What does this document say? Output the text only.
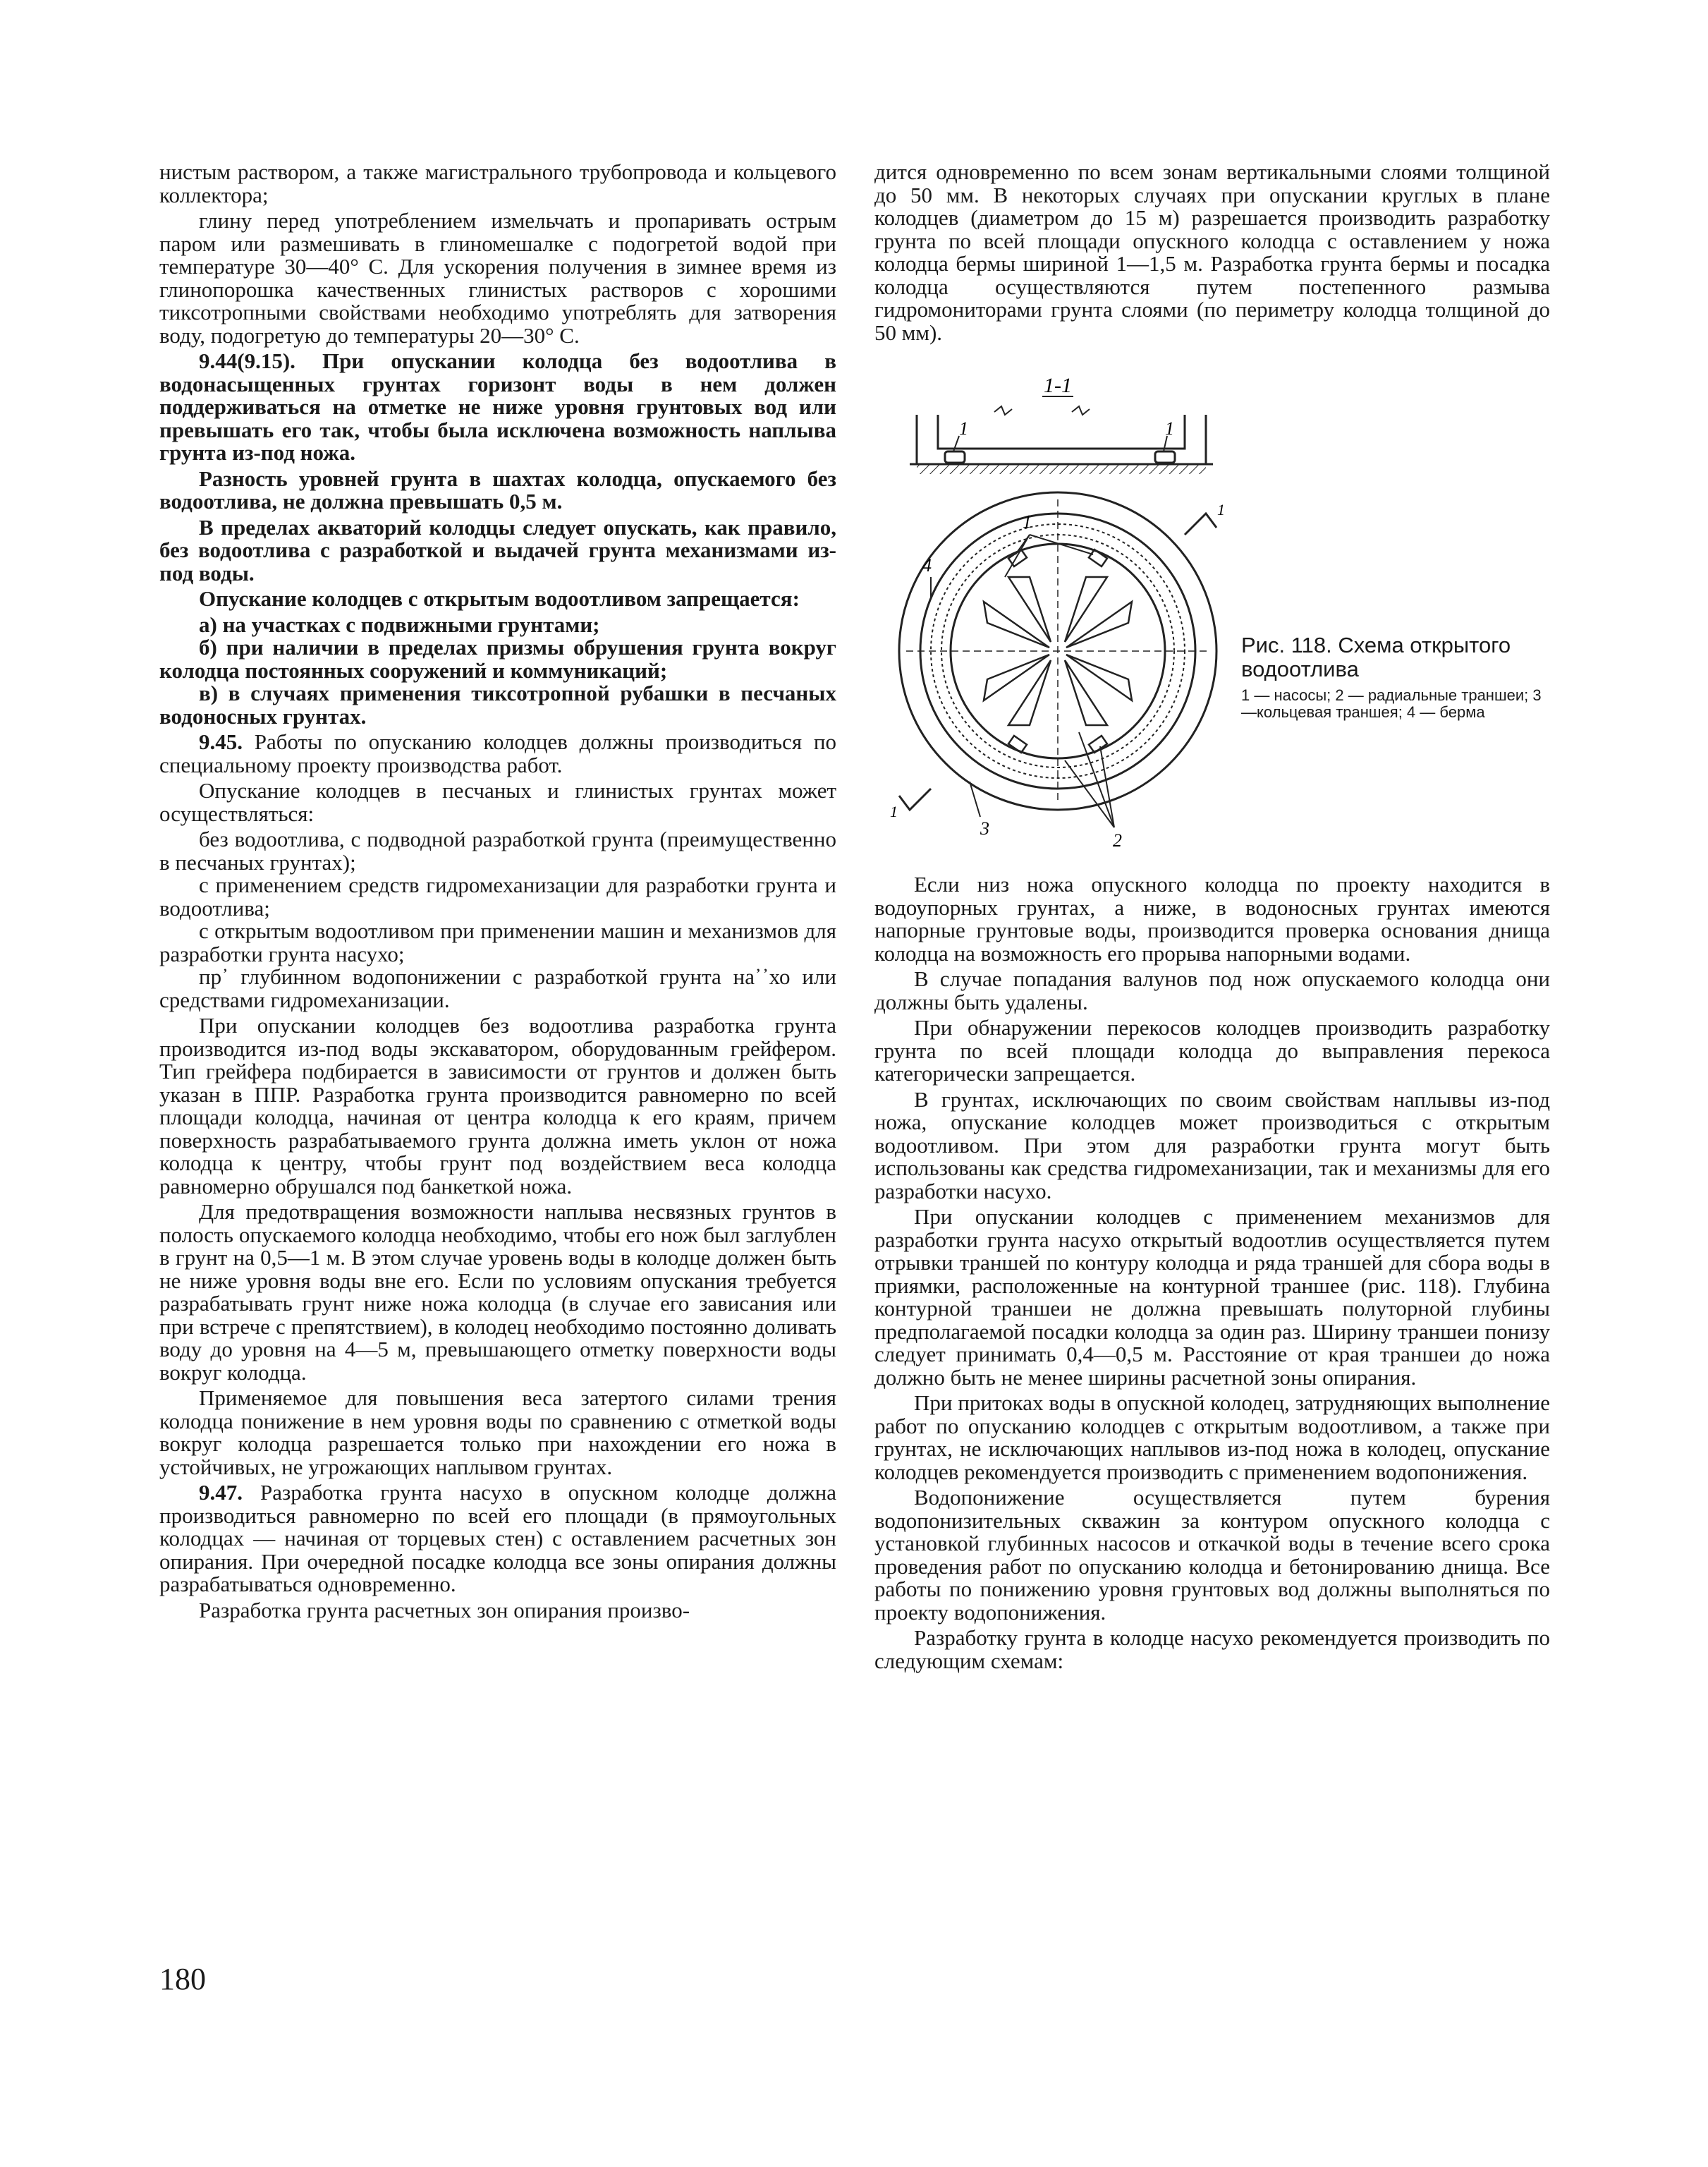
нистым раствором, а также магистрального трубопровода и кольцевого коллектора;

глину перед употреблением измельчать и пропаривать острым паром или размешивать в глиномешалке с подогретой водой при температуре 30—40° С. Для ускорения получения в зимнее время из глинопорошка качественных глинистых растворов с хорошими тиксотропными свойствами необходимо употреблять для затворения воду, подогретую до температуры 20—30° С.

9.44(9.15). При опускании колодца без водоотлива в водонасыщенных грунтах горизонт воды в нем должен поддерживаться на отметке не ниже уровня грунтовых вод или превышать его так, чтобы была исключена возможность наплыва грунта из-под ножа.

Разность уровней грунта в шахтах колодца, опускаемого без водоотлива, не должна превышать 0,5 м.

В пределах акваторий колодцы следует опускать, как правило, без водоотлива с разработкой и выдачей грунта механизмами из-под воды.

Опускание колодцев с открытым водоотливом запрещается:

а) на участках с подвижными грунтами;
б) при наличии в пределах призмы обрушения грунта вокруг колодца постоянных сооружений и коммуникаций;
в) в случаях применения тиксотропной рубашки в песчаных водоносных грунтах.

9.45. Работы по опусканию колодцев должны производиться по специальному проекту производства работ.

Опускание колодцев в песчаных и глинистых грунтах может осуществляться:

без водоотлива, с подводной разработкой грунта (преимущественно в песчаных грунтах);
с применением средств гидромеханизации для разработки грунта и водоотлива;
с открытым водоотливом при применении машин и механизмов для разработки грунта насухо;
пр᾿ глубинном водопонижении с разработкой грунта на᾿᾿хо или средствами гидромеханизации.

При опускании колодцев без водоотлива разработка грунта производится из-под воды экскаватором, оборудованным грейфером. Тип грейфера подбирается в зависимости от грунтов и должен быть указан в ППР. Разработка грунта производится равномерно по всей площади колодца, начиная от центра колодца к его краям, причем поверхность разрабатываемого грунта должна иметь уклон от ножа колодца к центру, чтобы грунт под воздействием веса колодца равномерно обрушался под банкеткой ножа.

Для предотвращения возможности наплыва несвязных грунтов в полость опускаемого колодца необходимо, чтобы его нож был заглублен в грунт на 0,5—1 м. В этом случае уровень воды в колодце должен быть не ниже уровня воды вне его. Если по условиям опускания требуется разрабатывать грунт ниже ножа колодца (в случае его зависания или при встрече с препятствием), в колодец необходимо постоянно доливать воду до уровня на 4—5 м, превышающего отметку поверхности воды вокруг колодца.

Применяемое для повышения веса затертого силами трения колодца понижение в нем уровня воды по сравнению с отметкой воды вокруг колодца разрешается только при нахождении его ножа в устойчивых, не угрожающих наплывом грунтах.

9.47. Разработка грунта насухо в опускном колодце должна производиться равномерно по всей его площади (в прямоугольных колодцах — начиная от торцевых стен) с оставлением расчетных зон опирания. При очередной посадке колодца все зоны опирания должны разрабатываться одновременно.

Разработка грунта расчетных зон опирания произво-

дится одновременно по всем зонам вертикальными слоями толщиной до 50 мм. В некоторых случаях при опускании круглых в плане колодцев (диаметром до 15 м) разрешается производить разработку грунта по всей площади опускного колодца с оставлением у ножа колодца бермы шириной 1—1,5 м. Разработка грунта бермы и посадка колодца осуществляются путем постепенного размыва гидромониторами грунта слоями (по периметру колодца толщиной до 50 мм).

1-1
1	1
1
4
3
2
1
1
Рис. 118. Схема открытого водоотлива
1 — насосы; 2 — радиальные траншеи; 3—кольцевая траншея; 4 — берма

Если низ ножа опускного колодца по проекту находится в водоупорных грунтах, а ниже, в водоносных грунтах имеются напорные грунтовые воды, производится проверка основания днища колодца на возможность его прорыва напорными водами.

В случае попадания валунов под нож опускаемого колодца они должны быть удалены.

При обнаружении перекосов колодцев производить разработку грунта по всей площади колодца до выправления перекоса категорически запрещается.

В грунтах, исключающих по своим свойствам наплывы из-под ножа, опускание колодцев может производиться с открытым водоотливом. При этом для разработки грунта могут быть использованы как средства гидромеханизации, так и механизмы для его разработки насухо.

При опускании колодцев с применением механизмов для разработки грунта насухо открытый водоотлив осуществляется путем отрывки траншей по контуру колодца и ряда траншей для сбора воды в приямки, расположенные на контурной траншее (рис. 118). Глубина контурной траншеи не должна превышать полуторной глубины предполагаемой посадки колодца за один раз. Ширину траншеи понизу следует принимать 0,4—0,5 м. Расстояние от края траншеи до ножа должно быть не менее ширины расчетной зоны опирания.

При притоках воды в опускной колодец, затрудняющих выполнение работ по опусканию колодцев с открытым водоотливом, а также при грунтах, не исключающих наплывов из-под ножа в колодец, опускание колодцев рекомендуется производить с применением водопонижения.

Водопонижение осуществляется путем бурения водопонизительных скважин за контуром опускного колодца с установкой глубинных насосов и откачкой воды в течение всего срока проведения работ по опусканию колодца и бетонированию днища. Все работы по понижению уровня грунтовых вод должны выполняться по проекту водопонижения.

Разработку грунта в колодце насухо рекомендуется производить по следующим схемам:

180
